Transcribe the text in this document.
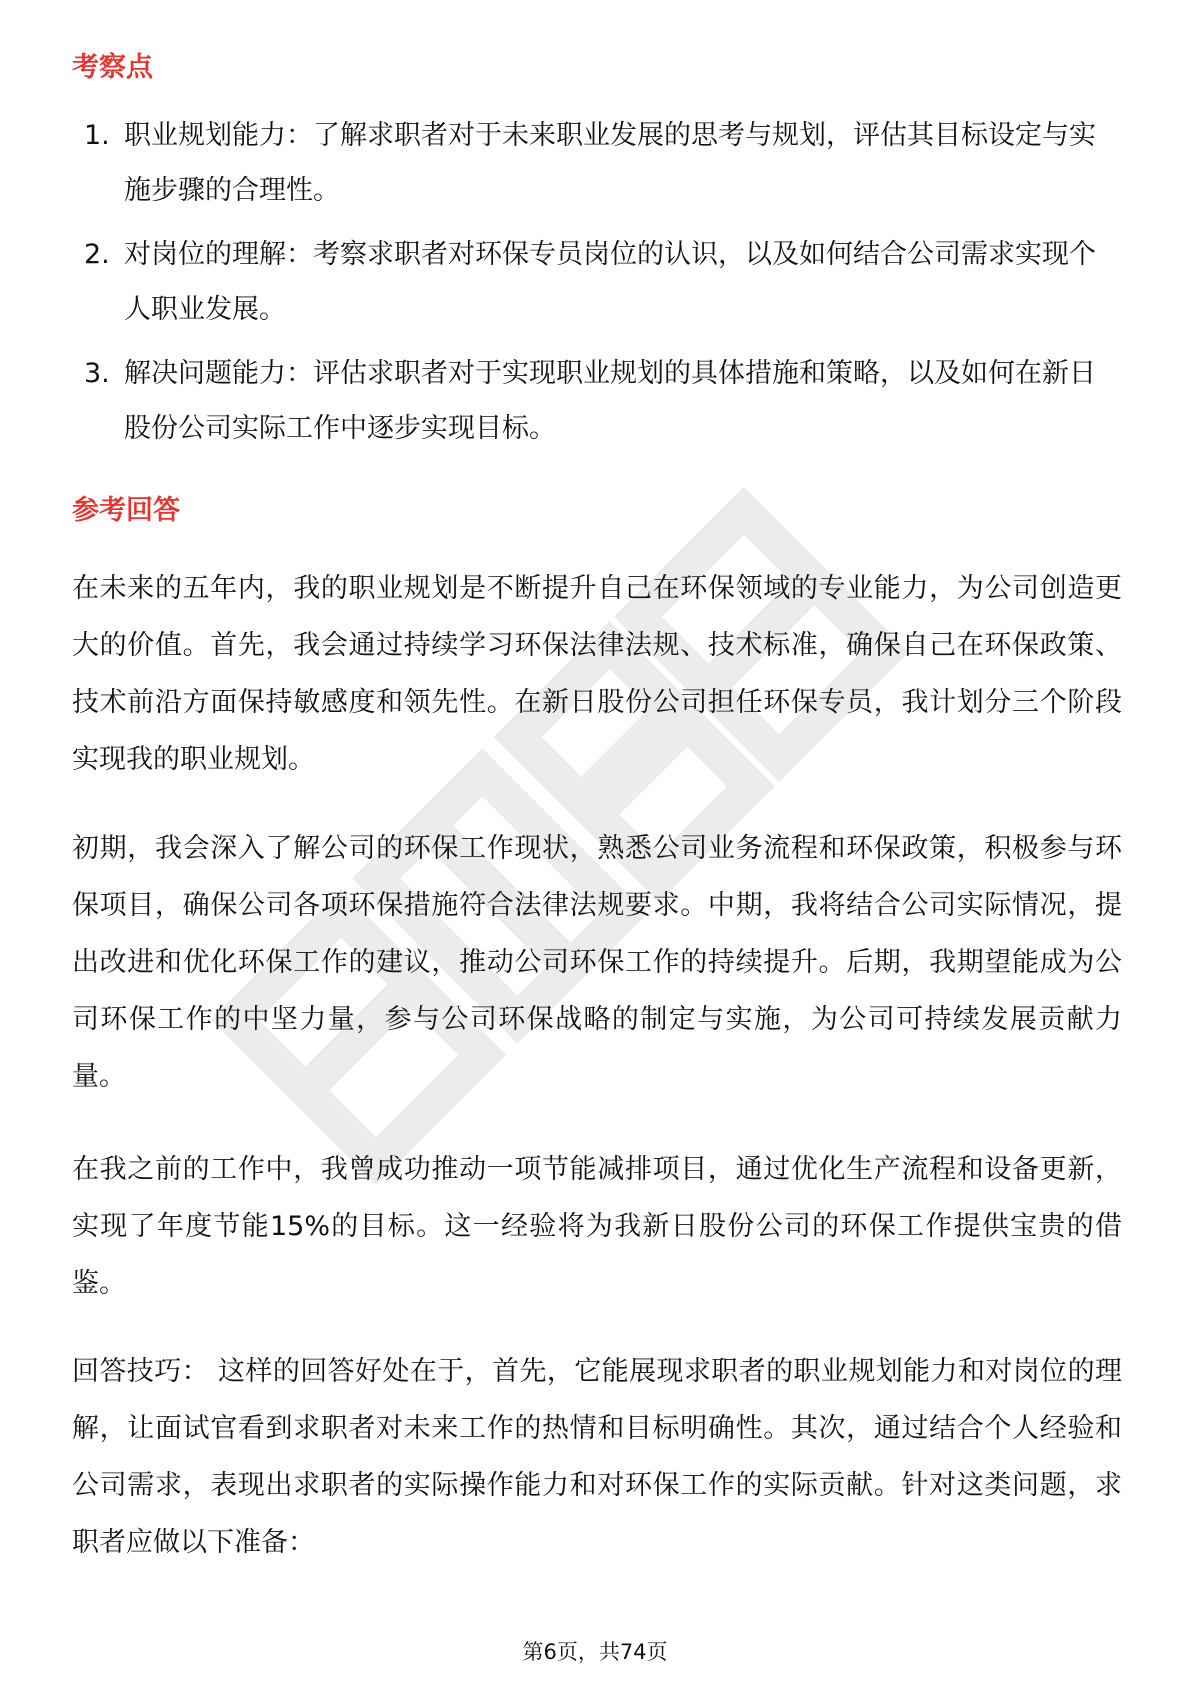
考察点
1. 职业规划能力：了解求职者对于未来职业发展的思考与规划，评估其目标设定与实施步骤的合理性。
2. 对岗位的理解：考察求职者对环保专员岗位的认识，以及如何结合公司需求实现个人职业发展。
3. 解决问题能力：评估求职者对于实现职业规划的具体措施和策略，以及如何在新日股份公司实际工作中逐步实现目标。
参考回答

在未来的五年内，我的职业规划是不断提升自己在环保领域的专业能力，为公司创造更大的价值。首先，我会通过持续学习环保法律法规、技术标准，确保自己在环保政策、技术前沿方面保持敏感度和领先性。在新日股份公司担任环保专员，我计划分三个阶段实现我的职业规划。

初期，我会深入了解公司的环保工作现状，熟悉公司业务流程和环保政策，积极参与环保项目，确保公司各项环保措施符合法律法规要求。中期，我将结合公司实际情况，提出改进和优化环保工作的建议，推动公司环保工作的持续提升。后期，我期望能成为公司环保工作的中坚力量，参与公司环保战略的制定与实施，为公司可持续发展贡献力量。

在我之前的工作中，我曾成功推动一项节能减排项目，通过优化生产流程和设备更新，实现了年度节能15%的目标。这一经验将为我新日股份公司的环保工作提供宝贵的借鉴。

回答技巧： 这样的回答好处在于，首先，它能展现求职者的职业规划能力和对岗位的理解，让面试官看到求职者对未来工作的热情和目标明确性。其次，通过结合个人经验和公司需求，表现出求职者的实际操作能力和对环保工作的实际贡献。针对这类问题，求职者应做以下准备：

第6页，共74页
